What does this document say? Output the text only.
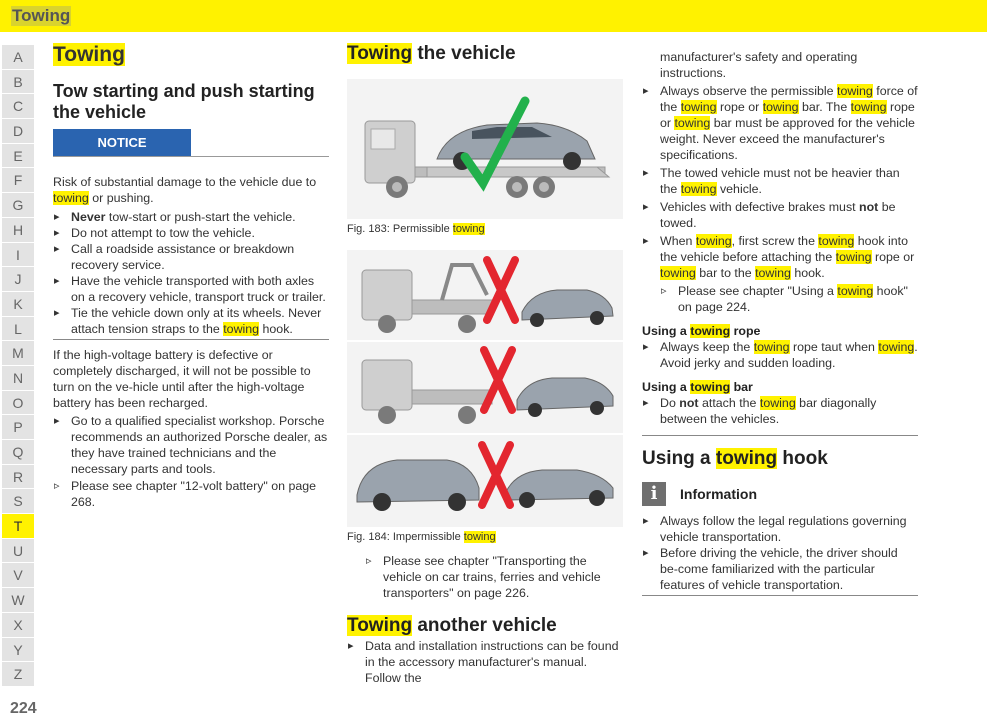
Towing
A
B
C
D
E
F
G
H
I
J
K
L
M
N
O
P
Q
R
S
T
U
V
W
X
Y
Z
224
Towing
Tow starting and push starting the vehicle
NOTICE
Risk of substantial damage to the vehicle due to towing or pushing.
▸ Never tow-start or push-start the vehicle.
▸ Do not attempt to tow the vehicle.
▸ Call a roadside assistance or breakdown recovery service.
▸ Have the vehicle transported with both axles on a recovery vehicle, transport truck or trailer.
▸ Tie the vehicle down only at its wheels. Never attach tension straps to the towing hook.
If the high-voltage battery is defective or completely discharged, it will not be possible to turn on the ve-hicle until after the high-voltage battery has been recharged.
▸ Go to a qualified specialist workshop. Porsche recommends an authorized Porsche dealer, as they have trained technicians and the necessary parts and tools.
▹ Please see chapter "12-volt battery" on page 268.
Towing the vehicle
Fig. 183: Permissible towing
Fig. 184: Impermissible towing
▹ Please see chapter "Transporting the vehicle on car trains, ferries and vehicle transporters" on page 226.
Towing another vehicle
▸ Data and installation instructions can be found in the accessory manufacturer's manual. Follow the
manufacturer's safety and operating instructions.
▸ Always observe the permissible towing force of the towing rope or towing bar. The towing rope or towing bar must be approved for the vehicle weight. Never exceed the manufacturer's specifications.
▸ The towed vehicle must not be heavier than the towing vehicle.
▸ Vehicles with defective brakes must not be towed.
▸ When towing, first screw the towing hook into the vehicle before attaching the towing rope or towing bar to the towing hook.
▹ Please see chapter "Using a towing hook" on page 224.
Using a towing rope
▸ Always keep the towing rope taut when towing. Avoid jerky and sudden loading.
Using a towing bar
▸ Do not attach the towing bar diagonally between the vehicles.
Using a towing hook
i	Information
▸ Always follow the legal regulations governing vehicle transportation.
▸ Before driving the vehicle, the driver should be-come familiarized with the particular features of vehicle transportation.
